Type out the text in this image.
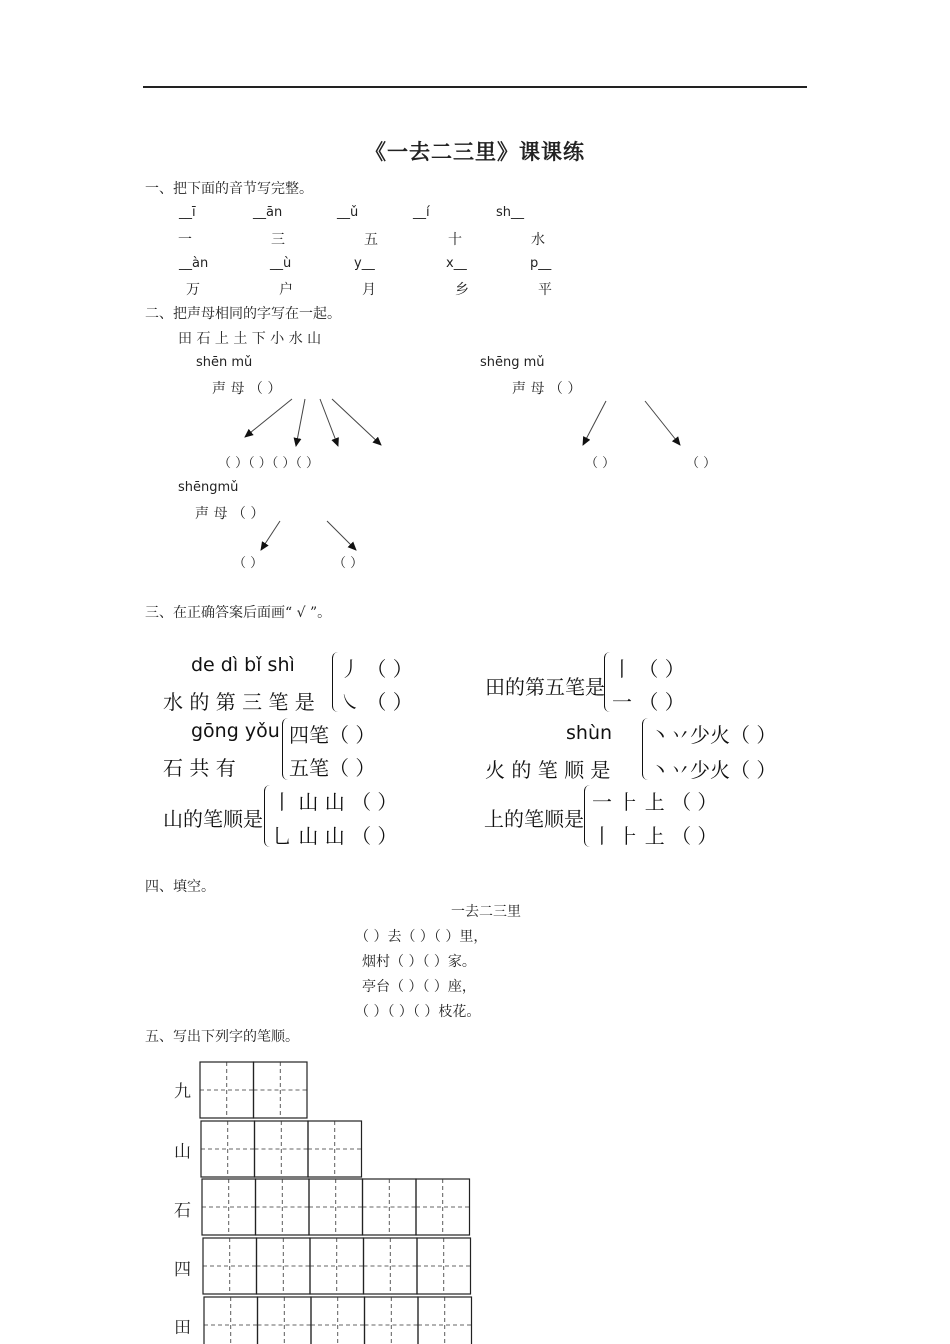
《一去二三里》课课练
一、把下面的音节写完整。
__ī	__ān	__ǔ	__í	sh__
一	三	五	十	水
__àn	__ù	y__	x__	p__
万	户	月	乡	平
二、把声母相同的字写在一起。
田 石 上 土 下 小 水 山
shēn mǔ
声 母 （ ）
（ ）（ ）（ ）（ ）
shēng mǔ
声 母 （ ）
（ ）	（ ）
shēngmǔ
声 母 （ ）
（ ）	（ ）
三、在正确答案后面画“ √ ”。
de dì bǐ shì
水 的 第 三 笔 是
丿 （ ）
㇏ （ ）
田的第五笔是
丨 （ ）
一 （ ）
gōng yǒu
石 共 有
四笔（ ）
五笔（ ）
shùn
火 的 笔 顺 是
丶丷少火（ ）
丶丷少火（ ）
山的笔顺是
丨 山 山 （ ）
乚 山 山 （ ）
上的笔顺是
一 ⺊ 上 （ ）
丨 ⺊ 上 （ ）
四、填空。
一去二三里
（ ）去（ ）（ ）里，
烟村（ ）（ ）家。
亭台（ ）（ ）座，
（ ）（ ）（ ）枝花。
五、写出下列字的笔顺。
九
山
石
四
田
